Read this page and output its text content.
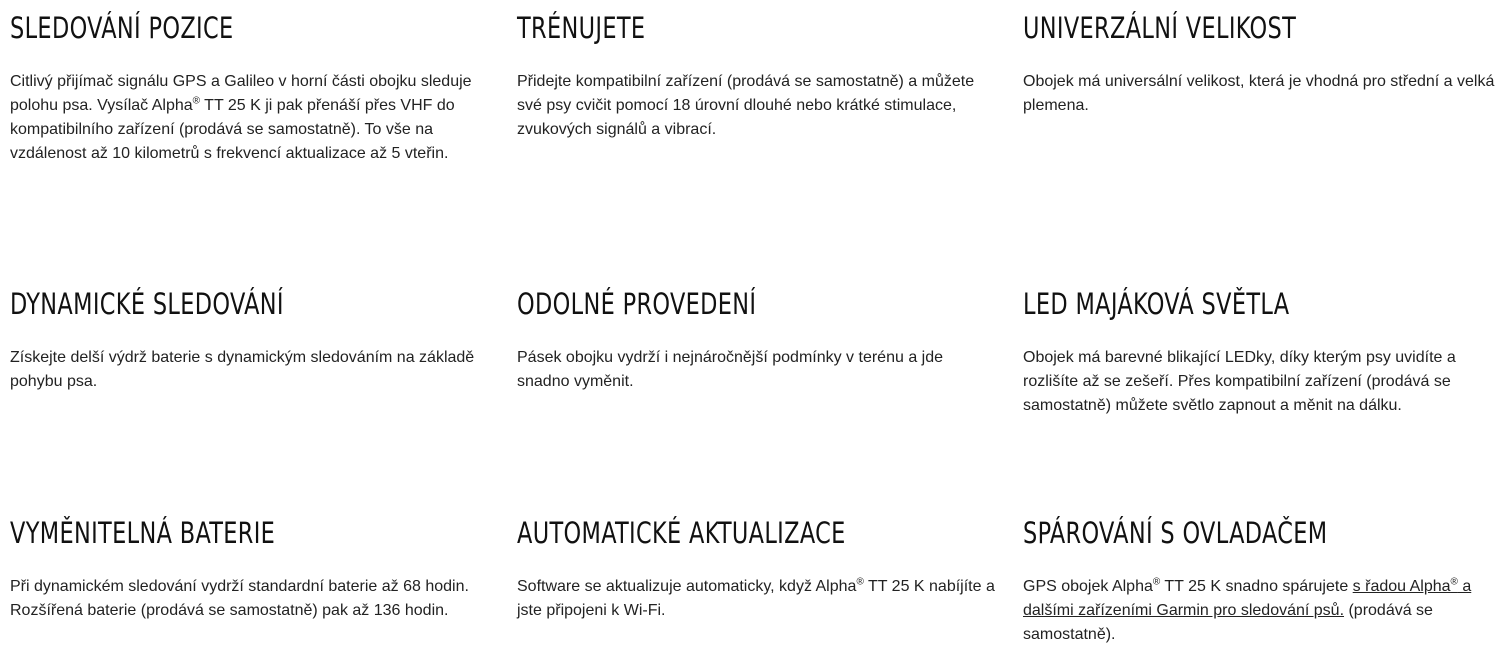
SLEDOVÁNÍ POZICE

Citlivý přijímač signálu GPS a Galileo v horní části obojku sleduje polohu psa. Vysílač Alpha® TT 25 K ji pak přenáší přes VHF do kompatibilního zařízení (prodává se samostatně). To vše na vzdálenost až 10 kilometrů s frekvencí aktualizace až 5 vteřin.

TRÉNUJETE

Přidejte kompatibilní zařízení (prodává se samostatně) a můžete své psy cvičit pomocí 18 úrovní dlouhé nebo krátké stimulace, zvukových signálů a vibrací.

UNIVERZÁLNÍ VELIKOST

Obojek má universální velikost, která je vhodná pro střední a velká plemena.

DYNAMICKÉ SLEDOVÁNÍ

Získejte delší výdrž baterie s dynamickým sledováním na základě pohybu psa.

ODOLNÉ PROVEDENÍ

Pásek obojku vydrží i nejnáročnější podmínky v terénu a jde snadno vyměnit.

LED MAJÁKOVÁ SVĚTLA

Obojek má barevné blikající LEDky, díky kterým psy uvidíte a rozlišíte až se zešeří. Přes kompatibilní zařízení (prodává se samostatně) můžete světlo zapnout a měnit na dálku.

VYMĚNITELNÁ BATERIE

Při dynamickém sledování vydrží standardní baterie až 68 hodin. Rozšířená baterie (prodává se samostatně) pak až 136 hodin.

AUTOMATICKÉ AKTUALIZACE

Software se aktualizuje automaticky, když Alpha® TT 25 K nabíjíte a jste připojeni k Wi-Fi.

SPÁROVÁNÍ S OVLADAČEM

GPS obojek Alpha® TT 25 K snadno spárujete s řadou Alpha® a dalšími zařízeními Garmin pro sledování psů. (prodává se samostatně).
